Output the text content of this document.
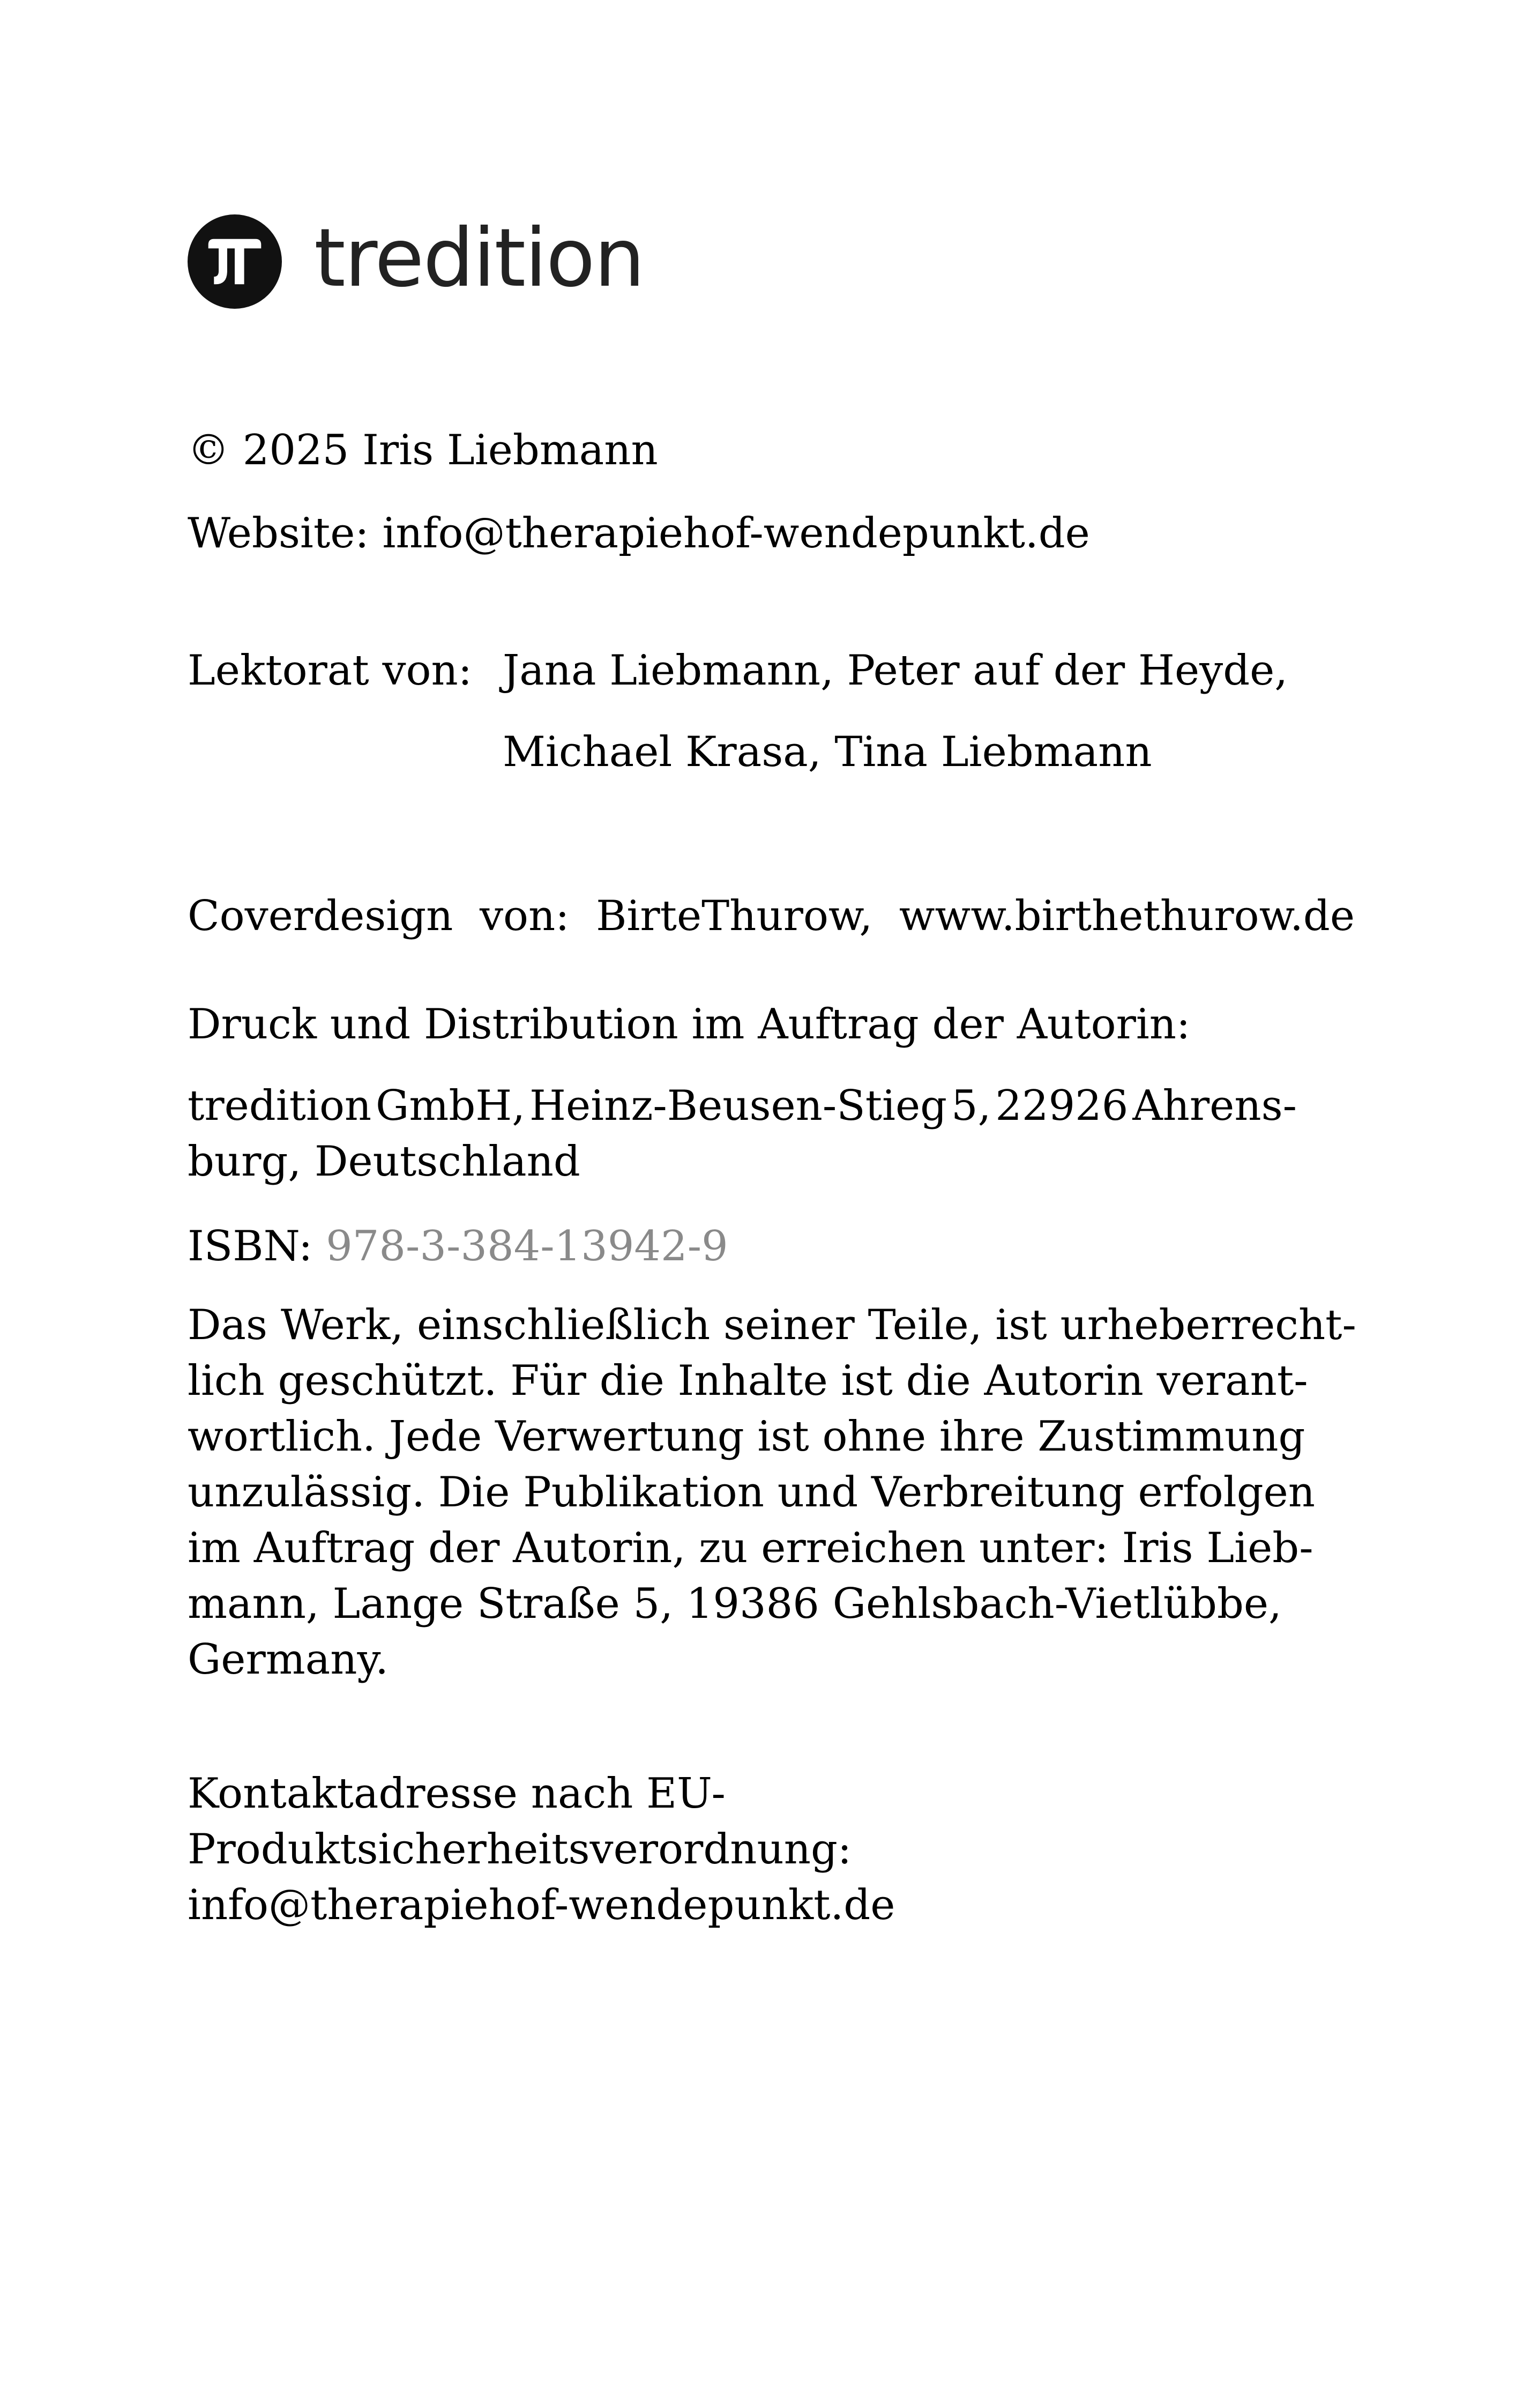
tredition
© 2025 Iris Liebmann
Website: info@therapiehof-wendepunkt.de
Lektorat von: Jana Liebmann, Peter auf der Heyde,
Michael Krasa, Tina Liebmann
Coverdesign  von:  BirteThurow,  www.birthethurow.de
Druck und Distribution im Auftrag der Autorin:
tredition GmbH, Heinz-Beusen-Stieg 5, 22926 Ahrens-
burg, Deutschland
ISBN: 978-3-384-13942-9
Das Werk, einschließlich seiner Teile, ist urheberrecht-
lich geschützt. Für die Inhalte ist die Autorin verant-
wortlich. Jede Verwertung ist ohne ihre Zustimmung
unzulässig. Die Publikation und Verbreitung erfolgen
im Auftrag der Autorin, zu erreichen unter: Iris Lieb-
mann, Lange Straße 5, 19386 Gehlsbach-Vietlübbe,
Germany.
Kontaktadresse nach EU-
Produktsicherheitsverordnung:
info@therapiehof-wendepunkt.de
